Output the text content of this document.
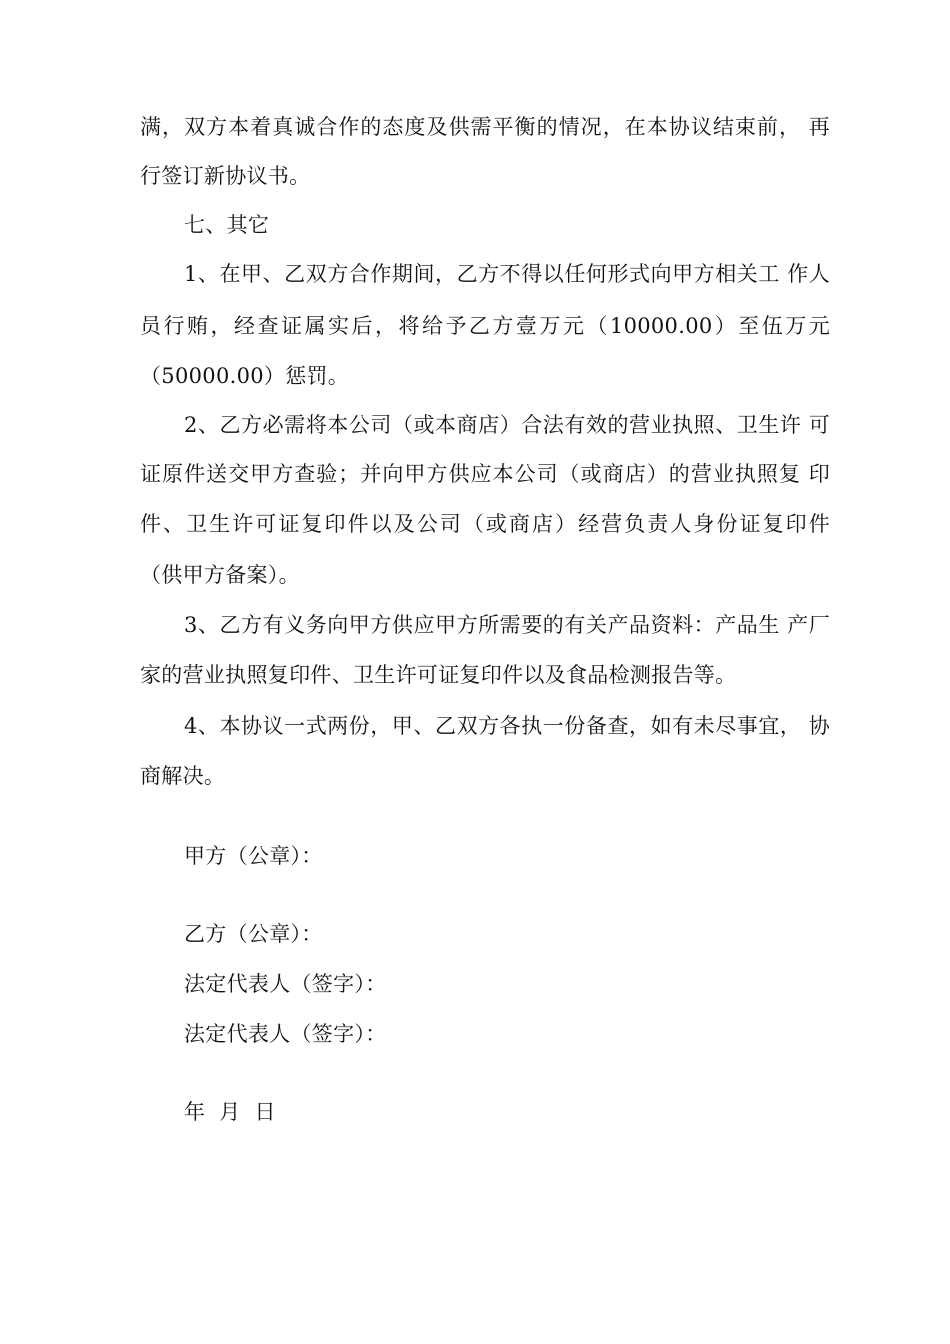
满，双方本着真诚合作的态度及供需平衡的情况，在本协议结束前， 再
行签订新协议书。
七、其它
1、在甲、乙双方合作期间，乙方不得以任何形式向甲方相关工 作人
员行贿，经查证属实后，将给予乙方壹万元（10000.00）至伍万元
（50000.00）惩罚。
2、乙方必需将本公司（或本商店）合法有效的营业执照、卫生许 可
证原件送交甲方查验；并向甲方供应本公司（或商店）的营业执照复 印
件、卫生许可证复印件以及公司（或商店）经营负责人身份证复印件
（供甲方备案）。
3、乙方有义务向甲方供应甲方所需要的有关产品资料：产品生 产厂
家的营业执照复印件、卫生许可证复印件以及食品检测报告等。
4、本协议一式两份，甲、乙双方各执一份备查，如有未尽事宜， 协
商解决。
甲方（公章）：
乙方（公章）：
法定代表人（签字）：
法定代表人（签字）：
年  月  日
